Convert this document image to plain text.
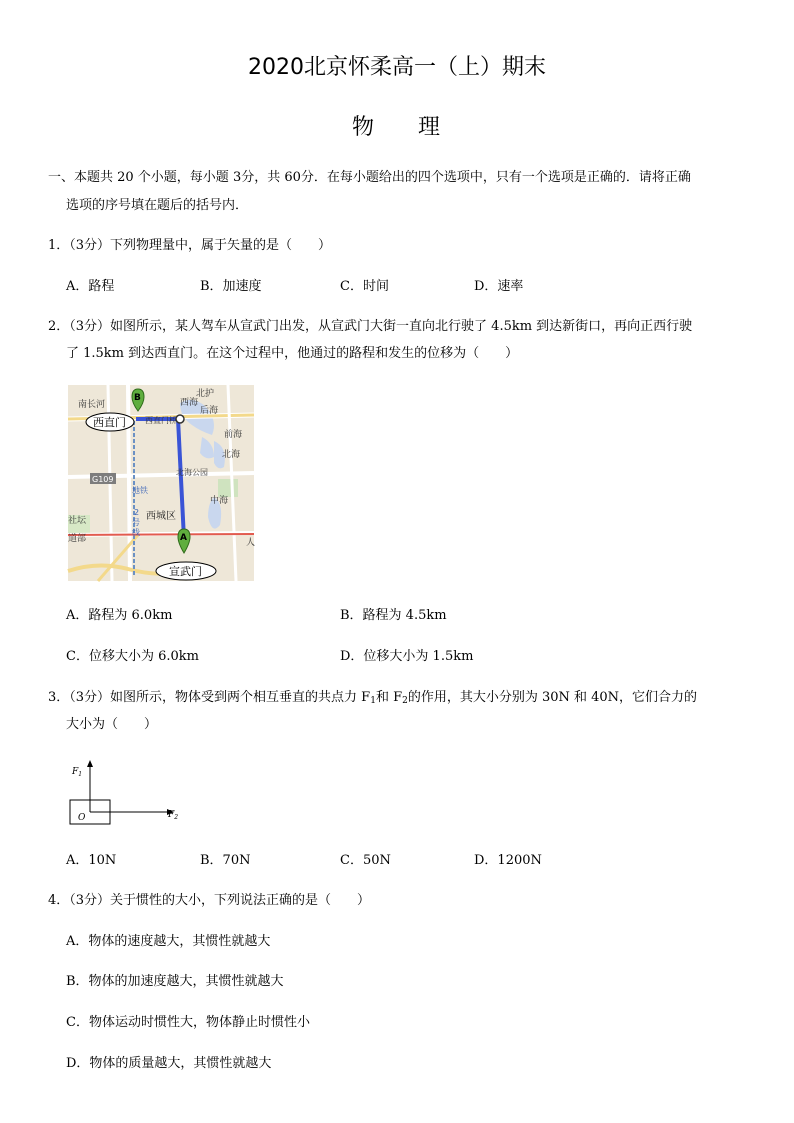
2020北京怀柔高一（上）期末
物 理
一、本题共 20 个小题，每小题 3分，共 60分．在每小题给出的四个选项中，只有一个选项是正确的．请将正确
选项的序号填在题后的括号内．
1．（3分）下列物理量中，属于矢量的是（　　）
A．路程	B．加速度	C．时间	D．速率
2．（3分）如图所示，某人驾车从宣武门出发，从宣武门大街一直向北行驶了 4.5km 到达新街口，再向正西行驶
了 1.5km 到达西直门。在这个过程中，他通过的路程和发生的位移为（　　）
北护
南长河	西海
后海
西直门桥
西直门
前海
北海
北海公园
G109
中海
地铁
2
号
线
西城区
社坛
道部	人
宣武门
B
A
A．路程为 6.0km	B．路程为 4.5km
C．位移大小为 6.0km	D．位移大小为 1.5km
3．（3分）如图所示，物体受到两个相互垂直的共点力 $F_1$和 $F_2$的作用，其大小分别为 30N 和 40N，它们合力的
大小为（　　）
$F_1$
$F_2$
O
A．10N	B．70N	C．50N	D．1200N
4．（3分）关于惯性的大小，下列说法正确的是（　　）
A．物体的速度越大，其惯性就越大
B．物体的加速度越大，其惯性就越大
C．物体运动时惯性大，物体静止时惯性小
D．物体的质量越大，其惯性就越大
